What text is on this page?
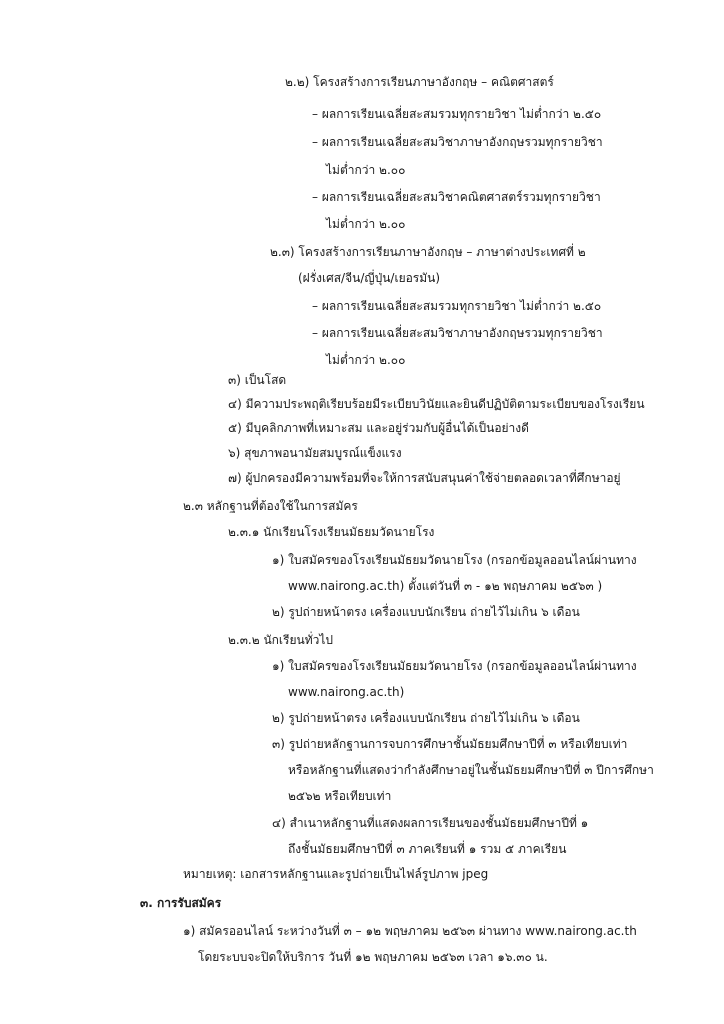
๒.๒) โครงสร้างการเรียนภาษาอังกฤษ – คณิตศาสตร์
– ผลการเรียนเฉลี่ยสะสมรวมทุกรายวิชา ไม่ต่ำกว่า ๒.๕๐
– ผลการเรียนเฉลี่ยสะสมวิชาภาษาอังกฤษรวมทุกรายวิชา
ไม่ต่ำกว่า ๒.๐๐
– ผลการเรียนเฉลี่ยสะสมวิชาคณิตศาสตร์รวมทุกรายวิชา
ไม่ต่ำกว่า ๒.๐๐
๒.๓) โครงสร้างการเรียนภาษาอังกฤษ – ภาษาต่างประเทศที่ ๒
(ฝรั่งเศส/จีน/ญี่ปุ่น/เยอรมัน)
– ผลการเรียนเฉลี่ยสะสมรวมทุกรายวิชา ไม่ต่ำกว่า ๒.๕๐
– ผลการเรียนเฉลี่ยสะสมวิชาภาษาอังกฤษรวมทุกรายวิชา
ไม่ต่ำกว่า ๒.๐๐
๓) เป็นโสด
๔) มีความประพฤติเรียบร้อยมีระเบียบวินัยและยินดีปฏิบัติตามระเบียบของโรงเรียน
๕) มีบุคลิกภาพที่เหมาะสม และอยู่ร่วมกับผู้อื่นได้เป็นอย่างดี
๖) สุขภาพอนามัยสมบูรณ์แข็งแรง
๗) ผู้ปกครองมีความพร้อมที่จะให้การสนับสนุนค่าใช้จ่ายตลอดเวลาที่ศึกษาอยู่
๒.๓ หลักฐานที่ต้องใช้ในการสมัคร
๒.๓.๑ นักเรียนโรงเรียนมัธยมวัดนายโรง
๑) ใบสมัครของโรงเรียนมัธยมวัดนายโรง (กรอกข้อมูลออนไลน์ผ่านทาง
www.nairong.ac.th) ตั้งแต่วันที่ ๓ - ๑๒ พฤษภาคม ๒๕๖๓ )
๒) รูปถ่ายหน้าตรง เครื่องแบบนักเรียน ถ่ายไว้ไม่เกิน ๖ เดือน
๒.๓.๒ นักเรียนทั่วไป
๑) ใบสมัครของโรงเรียนมัธยมวัดนายโรง (กรอกข้อมูลออนไลน์ผ่านทาง
www.nairong.ac.th)
๒) รูปถ่ายหน้าตรง เครื่องแบบนักเรียน ถ่ายไว้ไม่เกิน ๖ เดือน
๓) รูปถ่ายหลักฐานการจบการศึกษาชั้นมัธยมศึกษาปีที่ ๓ หรือเทียบเท่า
หรือหลักฐานที่แสดงว่ากำลังศึกษาอยู่ในชั้นมัธยมศึกษาปีที่ ๓ ปีการศึกษา
๒๕๖๒ หรือเทียบเท่า
๔) สำเนาหลักฐานที่แสดงผลการเรียนของชั้นมัธยมศึกษาปีที่ ๑
ถึงชั้นมัธยมศึกษาปีที่ ๓ ภาคเรียนที่ ๑ รวม ๕ ภาคเรียน
หมายเหตุ: เอกสารหลักฐานและรูปถ่ายเป็นไฟล์รูปภาพ jpeg
๓. การรับสมัคร
๑) สมัครออนไลน์ ระหว่างวันที่ ๓ – ๑๒ พฤษภาคม ๒๕๖๓ ผ่านทาง www.nairong.ac.th
โดยระบบจะปิดให้บริการ วันที่ ๑๒ พฤษภาคม ๒๕๖๓ เวลา ๑๖.๓๐ น.
